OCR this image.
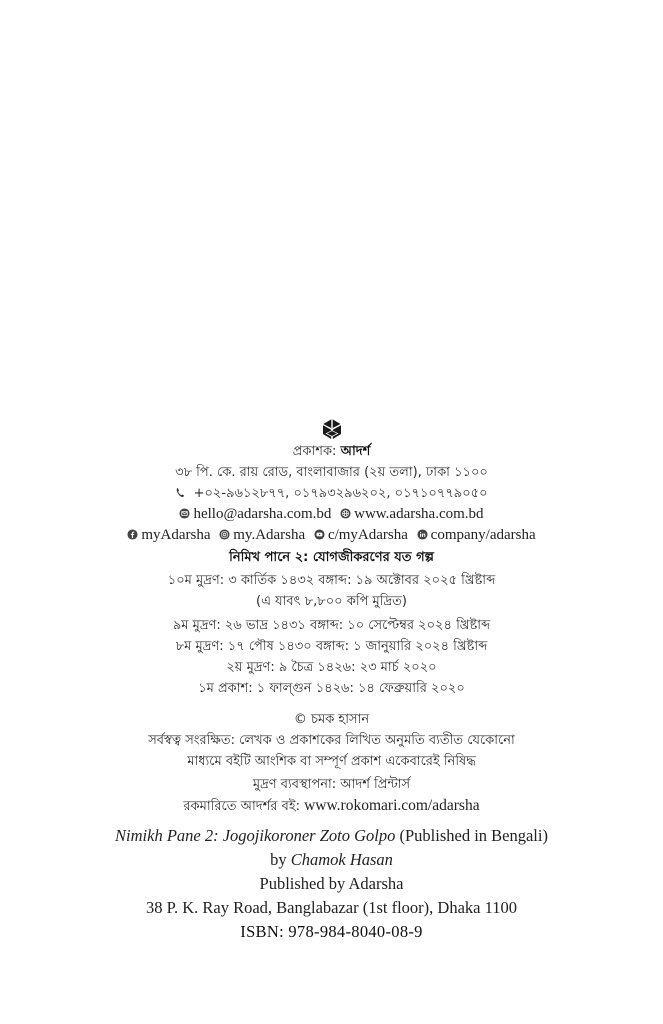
প্রকাশক: আদর্শ
৩৮ পি. কে. রায় রোড, বাংলাবাজার (২য় তলা), ঢাকা ১১০০
+০২-৯৬১২৮৭৭, ০১৭৯৩২৯৬২০২, ০১৭১০৭৭৯০৫০
hello@adarsha.com.bd www.adarsha.com.bd
myAdarsha my.Adarsha c/myAdarsha company/adarsha
নিমিখ পানে ২: যোগজীকরণের যত গল্প
১০ম মুদ্রণ: ৩ কার্তিক ১৪৩২ বঙ্গাব্দ: ১৯ অক্টোবর ২০২৫ খ্রিষ্টাব্দ
(এ যাবৎ ৮,৮০০ কপি মুদ্রিত)
৯ম মুদ্রণ: ২৬ ভাদ্র ১৪৩১ বঙ্গাব্দ: ১০ সেপ্টেম্বর ২০২৪ খ্রিষ্টাব্দ
৮ম মুদ্রণ: ১৭ পৌষ ১৪৩০ বঙ্গাব্দ: ১ জানুয়ারি ২০২৪ খ্রিষ্টাব্দ
২য় মুদ্রণ: ৯ চৈত্র ১৪২৬: ২৩ মার্চ ২০২০
১ম প্রকাশ: ১ ফাল্গুন ১৪২৬: ১৪ ফেব্রুয়ারি ২০২০
© চমক হাসান
সর্বস্বত্ব সংরক্ষিত: লেখক ও প্রকাশকের লিখিত অনুমতি ব্যতীত যেকোনো
মাধ্যমে বইটি আংশিক বা সম্পূর্ণ প্রকাশ একেবারেই নিষিদ্ধ
মুদ্রণ ব্যবস্থাপনা: আদর্শ প্রিন্টার্স
রকমারিতে আদর্শর বই: www.rokomari.com/adarsha
Nimikh Pane 2: Jogojikoroner Zoto Golpo (Published in Bengali)
by Chamok Hasan
Published by Adarsha
38 P. K. Ray Road, Banglabazar (1st floor), Dhaka 1100
ISBN: 978-984-8040-08-9
